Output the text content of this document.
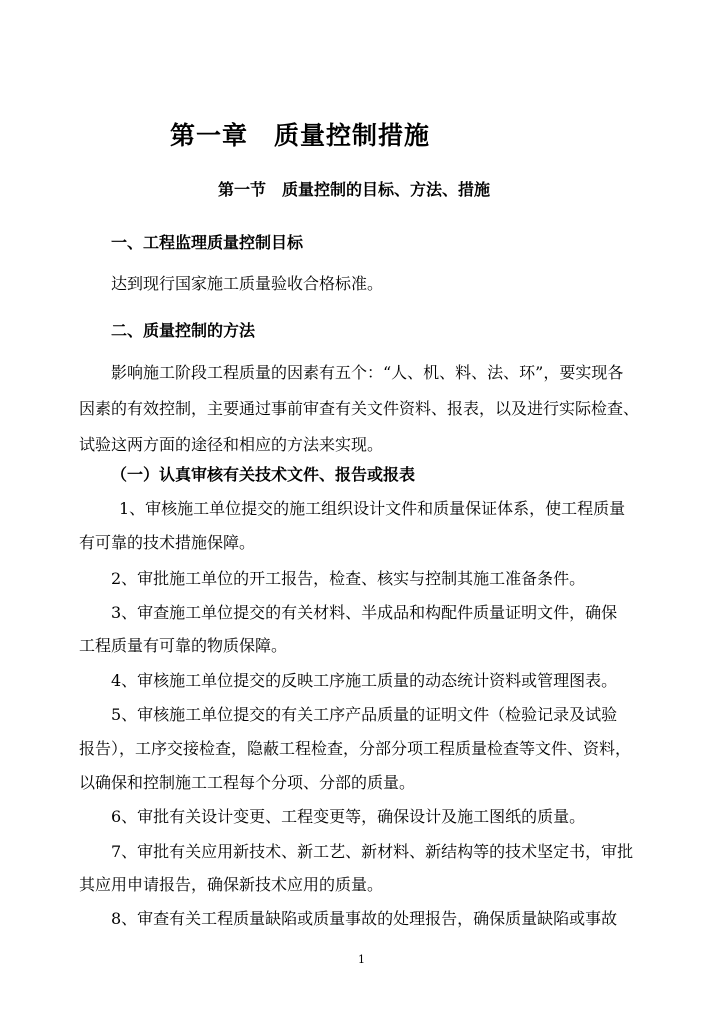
第一章　质量控制措施
第一节　质量控制的目标、方法、措施
一、工程监理质量控制目标
达到现行国家施工质量验收合格标准。
二、质量控制的方法
影响施工阶段工程质量的因素有五个：“人、机、料、法、环”，要实现各
因素的有效控制，主要通过事前审查有关文件资料、报表，以及进行实际检查、
试验这两方面的途径和相应的方法来实现。
（一）认真审核有关技术文件、报告或报表
1、审核施工单位提交的施工组织设计文件和质量保证体系，使工程质量
有可靠的技术措施保障。
2、审批施工单位的开工报告，检查、核实与控制其施工准备条件。
3、审查施工单位提交的有关材料、半成品和构配件质量证明文件，确保
工程质量有可靠的物质保障。
4、审核施工单位提交的反映工序施工质量的动态统计资料或管理图表。
5、审核施工单位提交的有关工序产品质量的证明文件（检验记录及试验
报告），工序交接检查，隐蔽工程检查，分部分项工程质量检查等文件、资料，
以确保和控制施工工程每个分项、分部的质量。
6、审批有关设计变更、工程变更等，确保设计及施工图纸的质量。
7、审批有关应用新技术、新工艺、新材料、新结构等的技术坚定书，审批
其应用申请报告，确保新技术应用的质量。
8、审查有关工程质量缺陷或质量事故的处理报告，确保质量缺陷或事故
1
